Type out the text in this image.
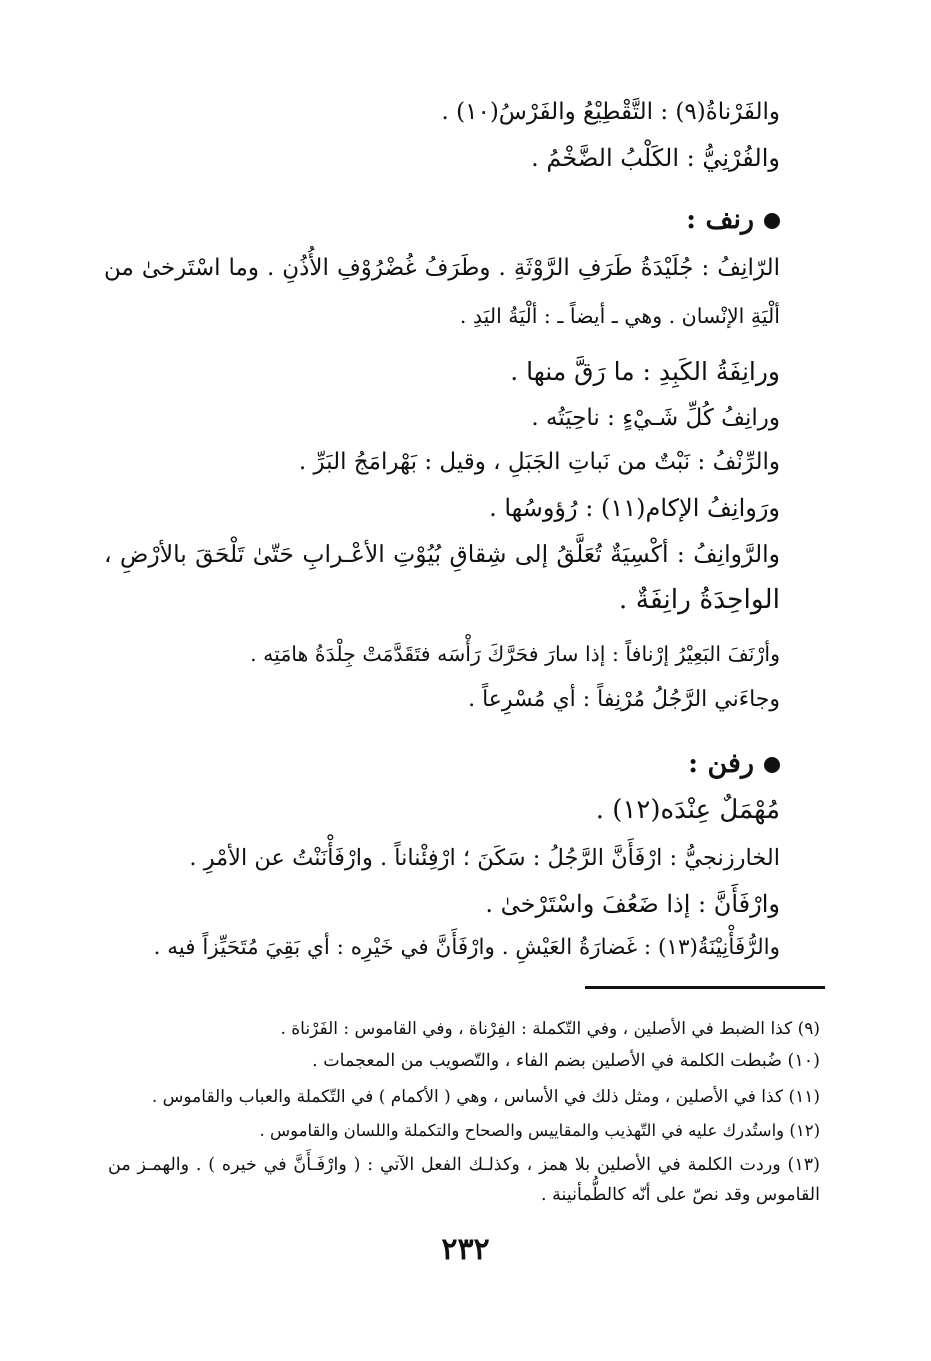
والفَرْناةُ(٩) : التَّقْطِيْعُ والفَرْسُ(١٠) .
والفُرْنِيُّ : الكَلْبُ الضَّخْمُ .
رنف :
الرّانِفُ : جُلَيْدَةُ طَرَفِ الرَّوْثَةِ . وطَرَفُ غُضْرُوْفِ الأُذُنِ . وما اسْتَرخىٰ من
ألْيَةِ الإنْسان . وهي ـ أيضاً ـ : ألْيَةُ اليَدِ .
ورانِفَةُ الكَبِدِ : ما رَقَّ منها .
ورانِفُ كُلِّ شَـيْءٍ : ناحِيَتُه .
والرِّنْفُ : نَبْتٌ من نَباتِ الجَبَلِ ، وقيل : بَهْرامَجُ البَرِّ .
ورَوانِفُ الإكام(١١) : رُؤوسُها .
والرَّوانِفُ : أكْسِيَةٌ تُعَلَّقُ إلى شِقاقِ بُيُوْتِ الأعْـرابِ حَتّىٰ تَلْحَقَ بالأرْضِ ،
الواحِدَةُ رانِفَةٌ .
وأرْنَفَ البَعِيْرُ إرْنافاً : إذا سارَ فحَرَّكَ رَأْسَه فتَقَدَّمَتْ جِلْدَةُ هامَتِه .
وجاءَني الرَّجُلُ مُرْنِفاً : أي مُسْرِعاً .
رفن :
مُهْمَلٌ عِنْدَه(١٢) .
الخارزنجيُّ : ارْفَأَنَّ الرَّجُلُ : سَكَنَ ؛ ارْفِئْناناً . وارْفَأْنَنْتُ عن الأمْرِ .
وارْفَأَنَّ : إذا ضَعُفَ واسْتَرْخىٰ .
والرُّفَأْنِيْنَةُ(١٣) : غَضارَةُ العَيْشِ . وارْفَأَنَّ في خَيْرِه : أي بَقِيَ مُتَحَيِّزاً فيه .
(٩) كذا الضبط في الأصلين ، وفي التّكملة : الفِرْناة ، وفي القاموس : الفَرْناة .
(١٠) ضُبطت الكلمة في الأصلين بضم الفاء ، والتّصويب من المعجمات .
(١١) كذا في الأصلين ، ومثل ذلك في الأساس ، وهي ( الأكمام ) في التّكملة والعباب والقاموس .
(١٢) واستُدرك عليه في التّهذيب والمقاييس والصحاح والتكملة واللسان والقاموس .
(١٣) وردت الكلمة في الأصلين بلا همز ، وكذلـك الفعل الآتي : ( وارْفَـأَنَّ في خيره ) . والهمـز من
القاموس وقد نصّ على أنّه كالطُّمأنينة .
٢٣٢
